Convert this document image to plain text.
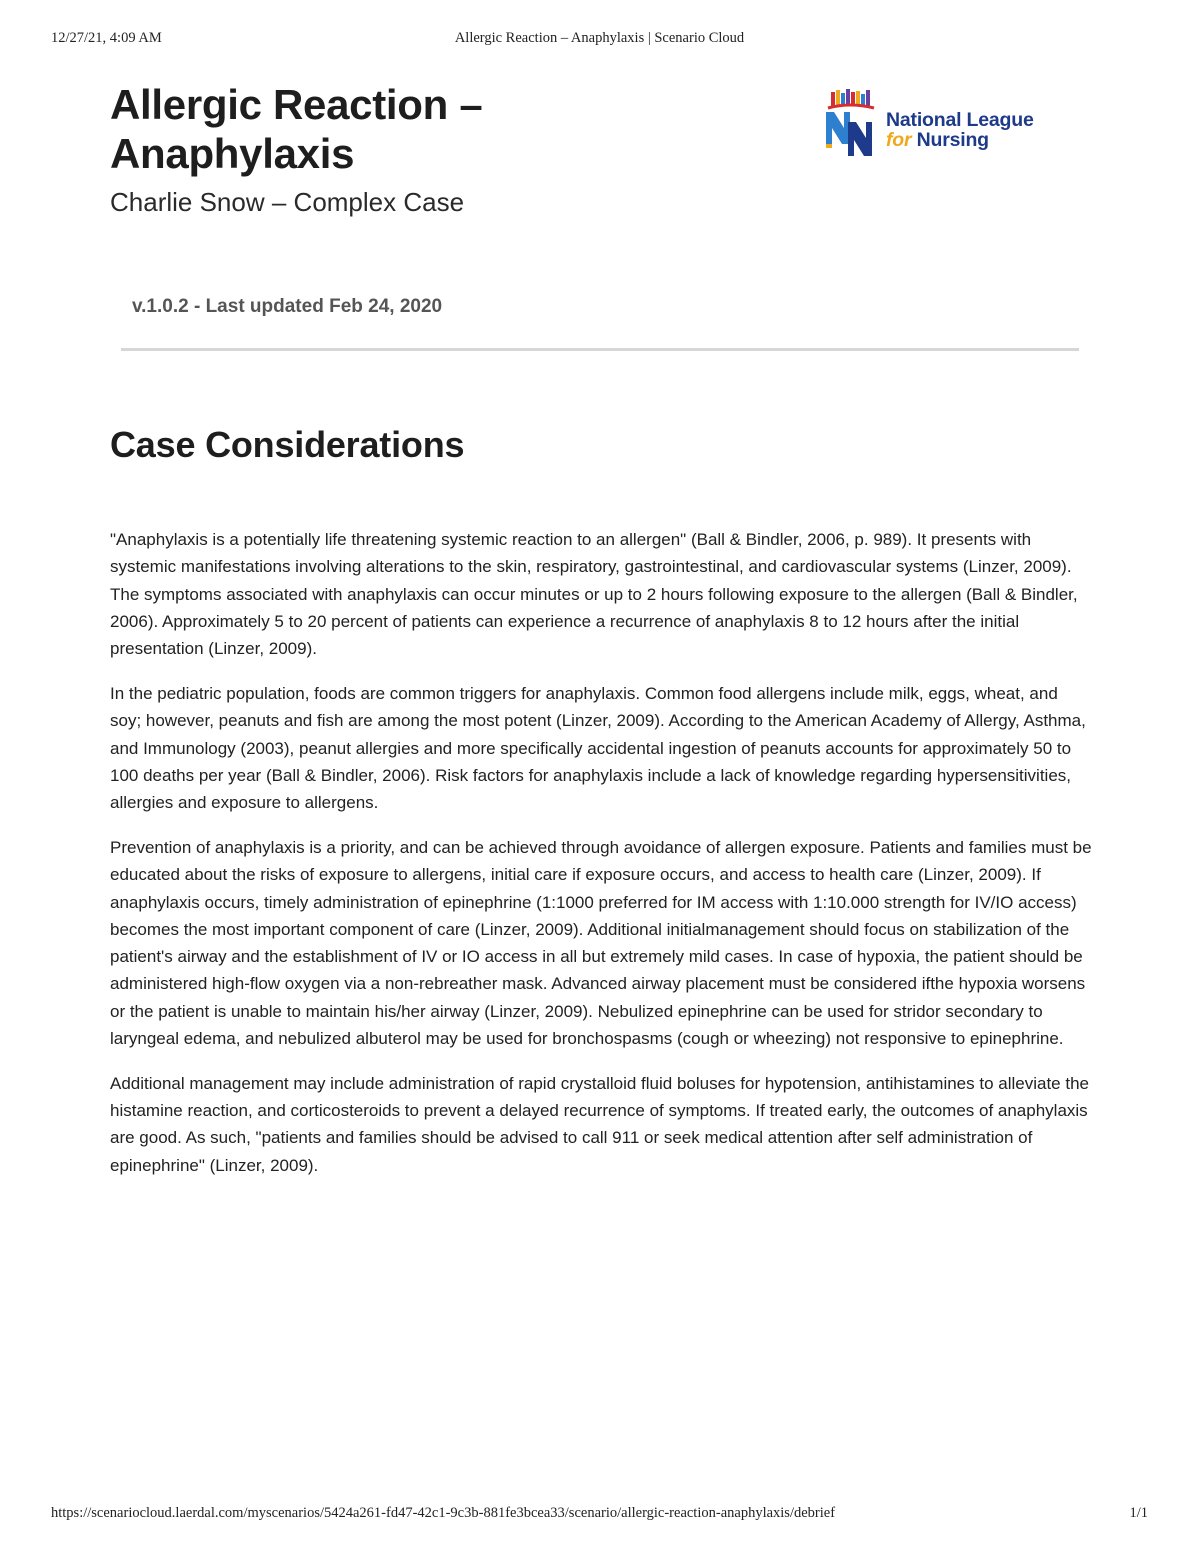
12/27/21, 4:09 AM	Allergic Reaction – Anaphylaxis | Scenario Cloud
Allergic Reaction – Anaphylaxis
Charlie Snow – Complex Case
National League
for Nursing
v.1.0.2 - Last updated Feb 24, 2020
Case Considerations

"Anaphylaxis is a potentially life threatening systemic reaction to an allergen" (Ball & Bindler, 2006, p. 989). It presents with systemic manifestations involving alterations to the skin, respiratory, gastrointestinal, and cardiovascular systems (Linzer, 2009). The symptoms associated with anaphylaxis can occur minutes or up to 2 hours following exposure to the allergen (Ball & Bindler, 2006). Approximately 5 to 20 percent of patients can experience a recurrence of anaphylaxis 8 to 12 hours after the initial presentation (Linzer, 2009).

In the pediatric population, foods are common triggers for anaphylaxis. Common food allergens include milk, eggs, wheat, and soy; however, peanuts and fish are among the most potent (Linzer, 2009). According to the American Academy of Allergy, Asthma, and Immunology (2003), peanut allergies and more specifically accidental ingestion of peanuts accounts for approximately 50 to 100 deaths per year (Ball & Bindler, 2006). Risk factors for anaphylaxis include a lack of knowledge regarding hypersensitivities, allergies and exposure to allergens.

Prevention of anaphylaxis is a priority, and can be achieved through avoidance of allergen exposure. Patients and families must be educated about the risks of exposure to allergens, initial care if exposure occurs, and access to health care (Linzer, 2009). If anaphylaxis occurs, timely administration of epinephrine (1:1000 preferred for IM access with 1:10.000 strength for IV/IO access) becomes the most important component of care (Linzer, 2009). Additional initialmanagement should focus on stabilization of the patient's airway and the establishment of IV or IO access in all but extremely mild cases. In case of hypoxia, the patient should be administered high-flow oxygen via a non-rebreather mask. Advanced airway placement must be considered ifthe hypoxia worsens or the patient is unable to maintain his/her airway (Linzer, 2009). Nebulized epinephrine can be used for stridor secondary to laryngeal edema, and nebulized albuterol may be used for bronchospasms (cough or wheezing) not responsive to epinephrine.

Additional management may include administration of rapid crystalloid fluid boluses for hypotension, antihistamines to alleviate the histamine reaction, and corticosteroids to prevent a delayed recurrence of symptoms. If treated early, the outcomes of anaphylaxis are good. As such, "patients and families should be advised to call 911 or seek medical attention after self administration of epinephrine" (Linzer, 2009).

https://scenariocloud.laerdal.com/myscenarios/5424a261-fd47-42c1-9c3b-881fe3bcea33/scenario/allergic-reaction-anaphylaxis/debrief	1/1
